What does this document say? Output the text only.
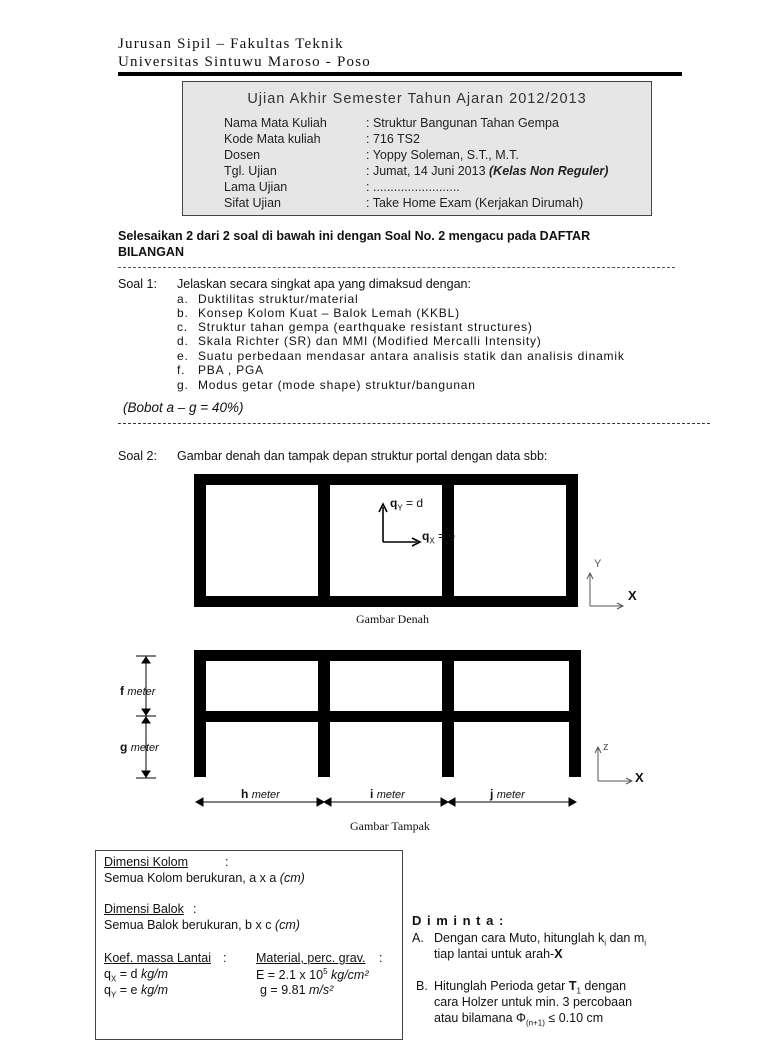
Jurusan Sipil – Fakultas Teknik
Universitas Sintuwu Maroso - Poso
Ujian Akhir Semester Tahun Ajaran 2012/2013
Nama Mata Kuliah	: Struktur Bangunan Tahan Gempa
Kode Mata kuliah	: 716 TS2
Dosen	: Yoppy Soleman, S.T., M.T.
Tgl. Ujian	: Jumat, 14 Juni 2013 (Kelas Non Reguler)
Lama Ujian	: .........................
Sifat Ujian	: Take Home Exam (Kerjakan Dirumah)
Selesaikan 2 dari 2 soal di bawah ini dengan Soal No. 2 mengacu pada DAFTAR
BILANGAN
Soal 1: Jelaskan secara singkat apa yang dimaksud dengan:
a. Duktilitas struktur/material
b. Konsep Kolom Kuat – Balok Lemah (KKBL)
c. Struktur tahan gempa (earthquake resistant structures)
d. Skala Richter (SR) dan MMI (Modified Mercalli Intensity)
e. Suatu perbedaan mendasar antara analisis statik dan analisis dinamik
f. PBA , PGA
g. Modus getar (mode shape) struktur/bangunan
(Bobot a – g = 40%)
Soal 2: Gambar denah dan tampak depan struktur portal dengan data sbb:
$q_Y = d$
$q_X = e$
Y
X
Gambar Denah
f meter
g meter
h meter	i meter	j meter
z
X
Gambar Tampak
Dimensi Kolom	:
Semua Kolom berukuran, a x a (cm)
Dimensi Balok :
Semua Balok berukuran, b x c (cm)
Koef. massa Lantai :
$q_X = d$ kg/m
$q_Y = e$ kg/m
Material, perc. grav. :
E = 2.1 x $10^5$ kg/cm²
g = 9.81 m/s²
D i m i n t a :
A. Dengan cara Muto, hitunglah $k_i$ dan $m_i$
tiap lantai untuk arah-X
B. Hitunglah Perioda getar $T_1$ dengan
cara Holzer untuk min. 3 percobaan
atau bilamana $\Phi_{(n+1)} \le 0.10$ cm
